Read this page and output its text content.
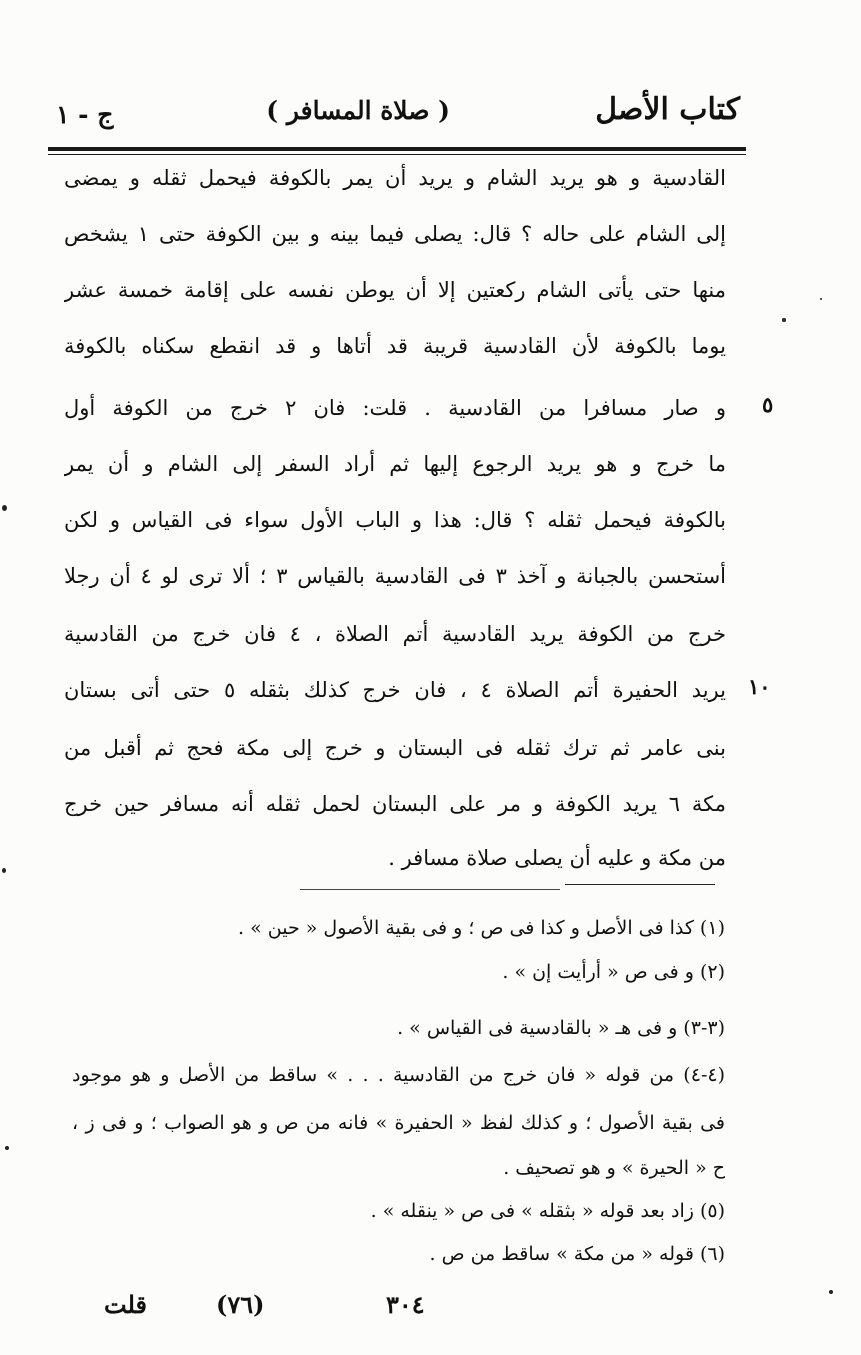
كتاب الأصل
( صلاة المسافر )
ج - ١
القادسية و هو يريد الشام و يريد أن يمر بالكوفة فيحمل ثقله و يمضى
إلى الشام على حاله ؟ قال: يصلى فيما بينه و بين الكوفة حتى ١ يشخص
منها حتى يأتى الشام ركعتين إلا أن يوطن نفسه على إقامة خمسة عشر
يوما بالكوفة لأن القادسية قريبة قد أتاها و قد انقطع سكناه بالكوفة
و صار مسافرا من القادسية . قلت: فان ٢ خرج من الكوفة أول
ما خرج و هو يريد الرجوع إليها ثم أراد السفر إلى الشام و أن يمر
بالكوفة فيحمل ثقله ؟ قال: هذا و الباب الأول سواء فى القياس و لكن
أستحسن بالجبانة و آخذ ٣ فى القادسية بالقياس ٣ ؛ ألا ترى لو ٤ أن رجلا
خرج من الكوفة يريد القادسية أتم الصلاة ، ٤ فان خرج من القادسية
يريد الحفيرة أتم الصلاة ٤ ، فان خرج كذلك بثقله ٥ حتى أتى بستان
بنى عامر ثم ترك ثقله فى البستان و خرج إلى مكة فحج ثم أقبل من
مكة ٦ يريد الكوفة و مر على البستان لحمل ثقله أنه مسافر حين خرج
من مكة و عليه أن يصلى صلاة مسافر .
٥
١٠
(١) كذا فى الأصل و كذا فى ص ؛ و فى بقية الأصول « حين » .
(٢) و فى ص « أرأيت إن » .
(٣-٣) و فى هـ « بالقادسية فى القياس » .
(٤-٤) من قوله « فان خرج من القادسية . . . » ساقط من الأصل و هو موجود
فى بقية الأصول ؛ و كذلك لفظ « الحفيرة » فانه من ص و هو الصواب ؛ و فى ز ،
ح « الحيرة » و هو تصحيف .
(٥) زاد بعد قوله « بثقله » فى ص « ينقله » .
(٦) قوله « من مكة » ساقط من ص .
قلت	(٧٦)	٣٠٤
